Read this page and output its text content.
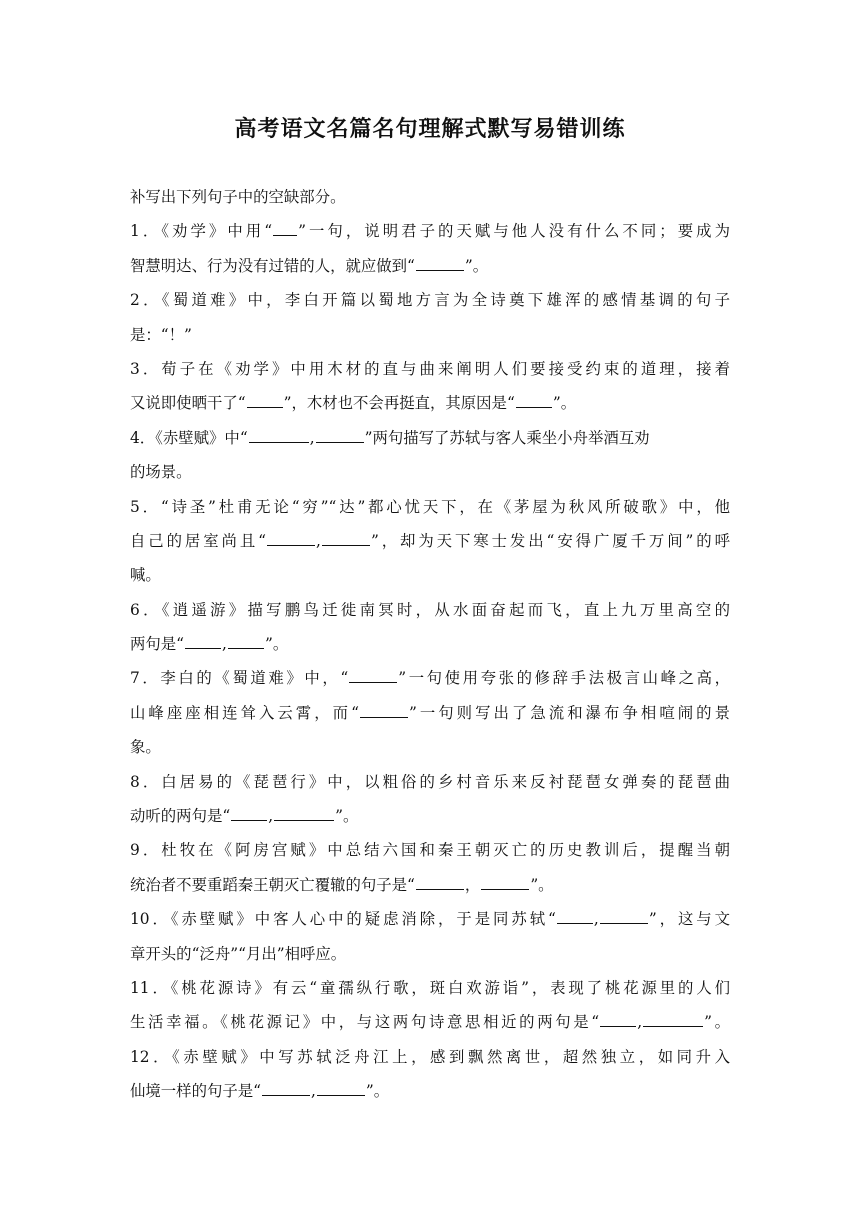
高考语文名篇名句理解式默写易错训练
补写出下列句子中的空缺部分。
1．《劝学》中用“ ”一句，说明君子的天赋与他人没有什么不同；要成为
智慧明达、行为没有过错的人，就应做到“	”。
2．《蜀道难》中，李白开篇以蜀地方言为全诗奠下雄浑的感情基调的句子
是：“！”
3．荀子在《劝学》中用木材的直与曲来阐明人们要接受约束的道理，接着
又说即使晒干了“ ”，木材也不会再挺直，其原因是“ ”。
4．《赤壁赋》中“	,	”两句描写了苏轼与客人乘坐小舟举酒互劝
的场景。
5．“诗圣”杜甫无论“穷”“达”都心忧天下，在《茅屋为秋风所破歌》中，他
自己的居室尚且“	,	”，却为天下寒士发出“安得广厦千万间”的呼
喊。
6．《逍遥游》描写鹏鸟迁徙南冥时，从水面奋起而飞，直上九万里高空的
两句是“ , ”。
7．李白的《蜀道难》中，“	”一句使用夸张的修辞手法极言山峰之高，
山峰座座相连耸入云霄，而“	”一句则写出了急流和瀑布争相喧闹的景
象。
8．白居易的《琵琶行》中，以粗俗的乡村音乐来反衬琵琶女弹奏的琵琶曲
动听的两句是“ ,	”。
9．杜牧在《阿房宫赋》中总结六国和秦王朝灭亡的历史教训后，提醒当朝
统治者不要重蹈秦王朝灭亡覆辙的句子是“	，	”。
10．《赤壁赋》中客人心中的疑虑消除，于是同苏轼“ ,	”，这与文
章开头的“泛舟”“月出”相呼应。
11．《桃花源诗》有云“童孺纵行歌，斑白欢游诣”，表现了桃花源里的人们
生活幸福。《桃花源记》中，与这两句诗意思相近的两句是“ ,	”。
12．《赤壁赋》中写苏轼泛舟江上，感到飘然离世，超然独立，如同升入
仙境一样的句子是“	,	”。
